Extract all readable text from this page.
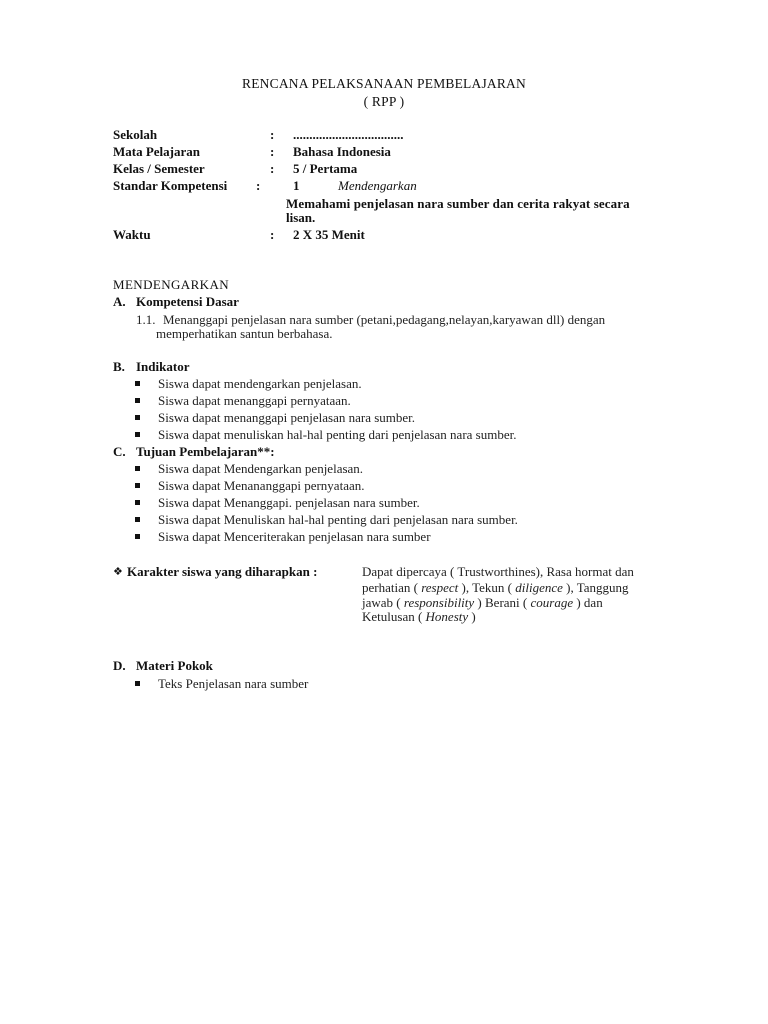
RENCANA PELAKSANAAN PEMBELAJARAN
( RPP )
Sekolah	: ..................................
Mata Pelajaran	: Bahasa Indonesia
Kelas / Semester	: 5 / Pertama
Standar Kompetensi :	1	Mendengarkan
Memahami penjelasan nara sumber dan cerita rakyat secara
lisan.
Waktu	: 2 X 35 Menit
MENDENGARKAN
A. Kompetensi Dasar
1.1. Menanggapi penjelasan nara sumber (petani,pedagang,nelayan,karyawan dll) dengan
memperhatikan santun berbahasa.
B. Indikator
Siswa dapat mendengarkan penjelasan.
Siswa dapat menanggapi pernyataan.
Siswa dapat menanggapi penjelasan nara sumber.
Siswa dapat menuliskan hal-hal penting dari penjelasan nara sumber.
C. Tujuan Pembelajaran**:
Siswa dapat Mendengarkan penjelasan.
Siswa dapat Menananggapi pernyataan.
Siswa dapat Menanggapi. penjelasan nara sumber.
Siswa dapat Menuliskan hal-hal penting dari penjelasan nara sumber.
Siswa dapat Menceriterakan penjelasan nara sumber
❖ Karakter siswa yang diharapkan :	Dapat dipercaya ( Trustworthines), Rasa hormat dan
perhatian ( respect ), Tekun ( diligence ), Tanggung
jawab ( responsibility ) Berani ( courage ) dan
Ketulusan ( Honesty )
D. Materi Pokok
Teks Penjelasan nara sumber
